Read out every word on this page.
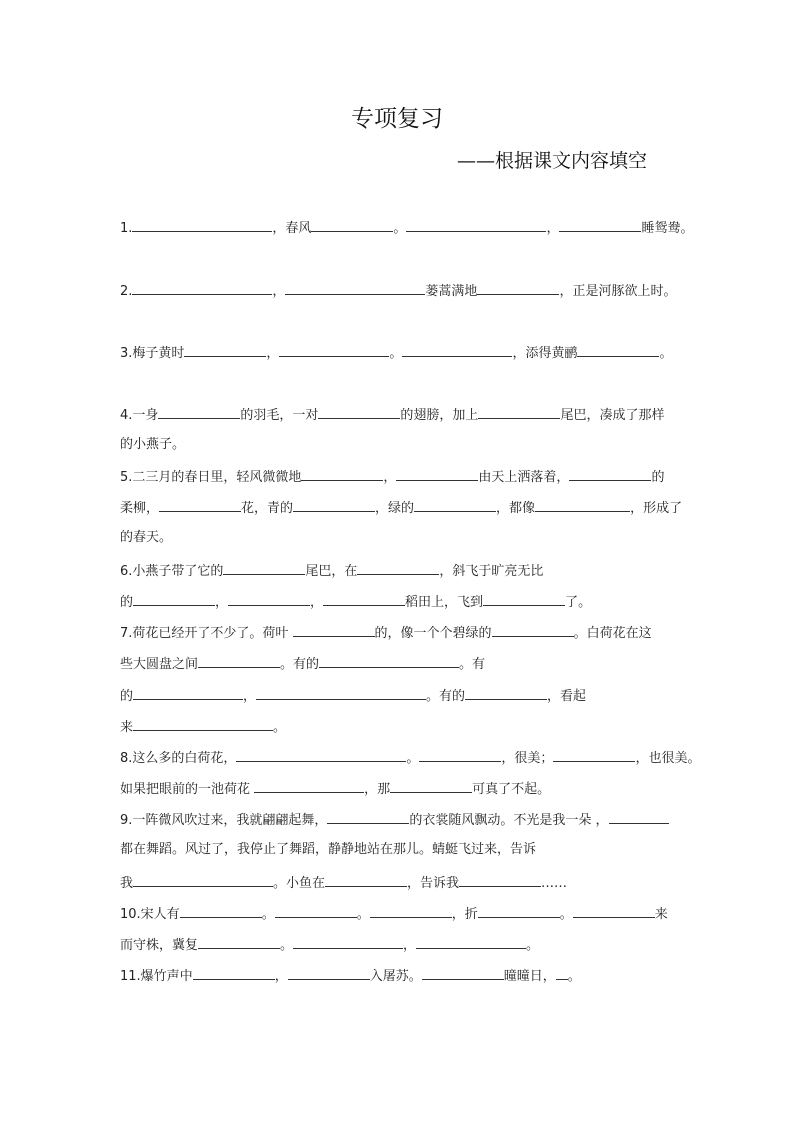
专项复习
——根据课文内容填空
1.	，春风	。	，	睡鸳鸯。
2.	，	蒌蒿满地	，正是河豚欲上时。
3.梅子黄时	，	。	，添得黄鹂	。
4.一身	的羽毛，一对	的翅膀，加上	尾巴，凑成了那样
的小燕子。
5.二三月的春日里，轻风微微地	，	由天上洒落着，	的
柔柳，	花，青的	，绿的	，都像	，形成了
的春天。
6.小燕子带了它的	尾巴，在	，斜飞于旷亮无比
的	，	，	稻田上，飞到	了。
7.荷花已经开了不少了。荷叶	的，像一个个碧绿的	。白荷花在这
些大圆盘之间	。有的	。有
的	，	。有的	，看起
来	。
8.这么多的白荷花，	。	，很美；	，也很美。
如果把眼前的一池荷花	，那	可真了不起。
9.一阵微风吹过来，我就翩翩起舞，	的衣裳随风飘动。不光是我一朵 ，
都在舞蹈。风过了，我停止了舞蹈，静静地站在那儿。蜻蜓飞过来，告诉
我	。小鱼在	，告诉我	……
10.宋人有	。	。	，折	。	来
而守株，冀复	。	，	。
11.爆竹声中	，	入屠苏。	曈曈日， 。
